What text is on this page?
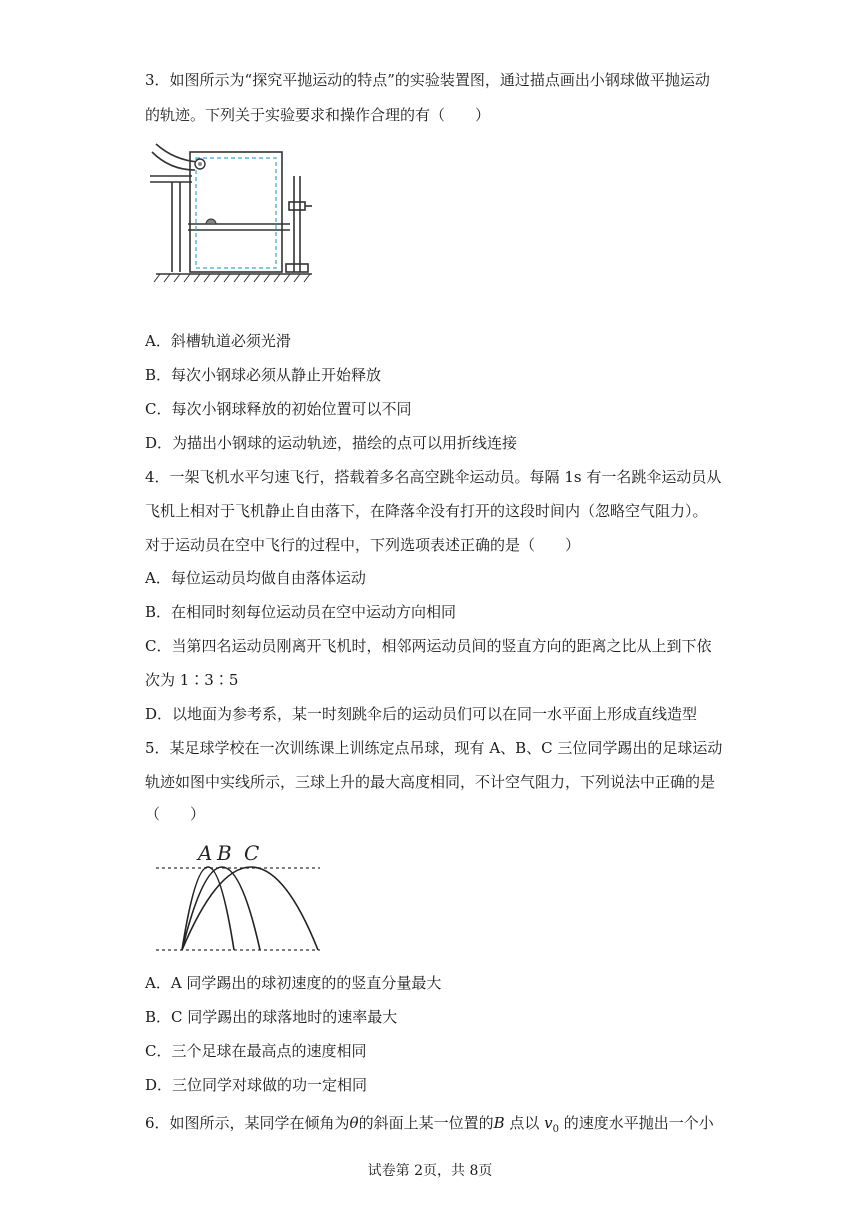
3．如图所示为“探究平抛运动的特点”的实验装置图，通过描点画出小钢球做平抛运动
的轨迹。下列关于实验要求和操作合理的有（　　）
A．斜槽轨道必须光滑
B．每次小钢球必须从静止开始释放
C．每次小钢球释放的初始位置可以不同
D．为描出小钢球的运动轨迹，描绘的点可以用折线连接
4．一架飞机水平匀速飞行，搭载着多名高空跳伞运动员。每隔 1s 有一名跳伞运动员从
飞机上相对于飞机静止自由落下，在降落伞没有打开的这段时间内（忽略空气阻力）。
对于运动员在空中飞行的过程中，下列选项表述正确的是（　　）
A．每位运动员均做自由落体运动
B．在相同时刻每位运动员在空中运动方向相同
C．当第四名运动员刚离开飞机时，相邻两运动员间的竖直方向的距离之比从上到下依
次为 1∶3∶5
D．以地面为参考系，某一时刻跳伞后的运动员们可以在同一水平面上形成直线造型
5．某足球学校在一次训练课上训练定点吊球，现有 A、B、C 三位同学踢出的足球运动
轨迹如图中实线所示，三球上升的最大高度相同，不计空气阻力，下列说法中正确的是
（　　）
A B C
A．A 同学踢出的球初速度的的竖直分量最大
B．C 同学踢出的球落地时的速率最大
C．三个足球在最高点的速度相同
D．三位同学对球做的功一定相同
6．如图所示，某同学在倾角为θ的斜面上某一位置的B 点以 $v_0$ 的速度水平抛出一个小
试卷第 2页，共 8页
